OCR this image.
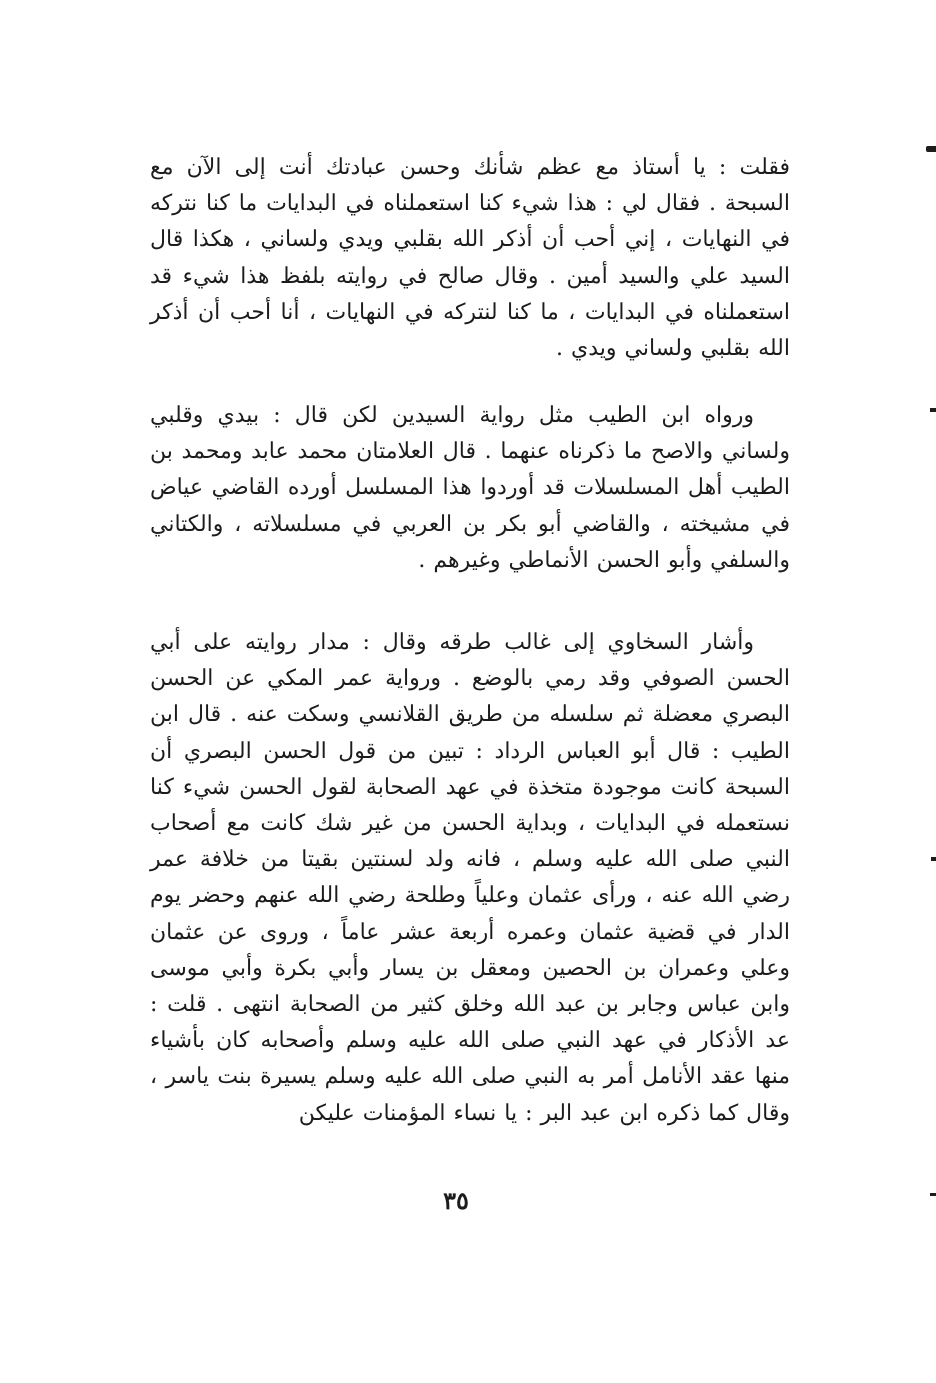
فقلت : يا أستاذ مع عظم شأنك وحسن عبادتك أنت إلى الآن مع السبحة . فقال لي : هذا شيء كنا استعملناه في البدايات ما كنا نتركه في النهايات ، إني أحب أن أذكر الله بقلبي ويدي ولساني ، هكذا قال السيد علي والسيد أمين . وقال صالح في روايته بلفظ هذا شيء قد استعملناه في البدايات ، ما كنا لنتركه في النهايات ، أنا أحب أن أذكر الله بقلبي ولساني ويدي .

ورواه ابن الطيب مثل رواية السيدين لكن قال : بيدي وقلبي ولساني والاصح ما ذكرناه عنهما . قال العلامتان محمد عابد ومحمد بن الطيب أهل المسلسلات قد أوردوا هذا المسلسل أورده القاضي عياض في مشيخته ، والقاضي أبو بكر بن العربي في مسلسلاته ، والكتاني والسلفي وأبو الحسن الأنماطي وغيرهم .

وأشار السخاوي إلى غالب طرقه وقال : مدار روايته على أبي الحسن الصوفي وقد رمي بالوضع . ورواية عمر المكي عن الحسن البصري معضلة ثم سلسله من طريق القلانسي وسكت عنه . قال ابن الطيب : قال أبو العباس الرداد : تبين من قول الحسن البصري أن السبحة كانت موجودة متخذة في عهد الصحابة لقول الحسن شيء كنا نستعمله في البدايات ، وبداية الحسن من غير شك كانت مع أصحاب النبي صلى الله عليه وسلم ، فانه ولد لسنتين بقيتا من خلافة عمر رضي الله عنه ، ورأى عثمان وعلياً وطلحة رضي الله عنهم وحضر يوم الدار في قضية عثمان وعمره أربعة عشر عاماً ، وروى عن عثمان وعلي وعمران بن الحصين ومعقل بن يسار وأبي بكرة وأبي موسى وابن عباس وجابر بن عبد الله وخلق كثير من الصحابة انتهى . قلت : عد الأذكار في عهد النبي صلى الله عليه وسلم وأصحابه كان بأشياء منها عقد الأنامل أمر به النبي صلى الله عليه وسلم يسيرة بنت ياسر ، وقال كما ذكره ابن عبد البر : يا نساء المؤمنات عليكن

٣٥
